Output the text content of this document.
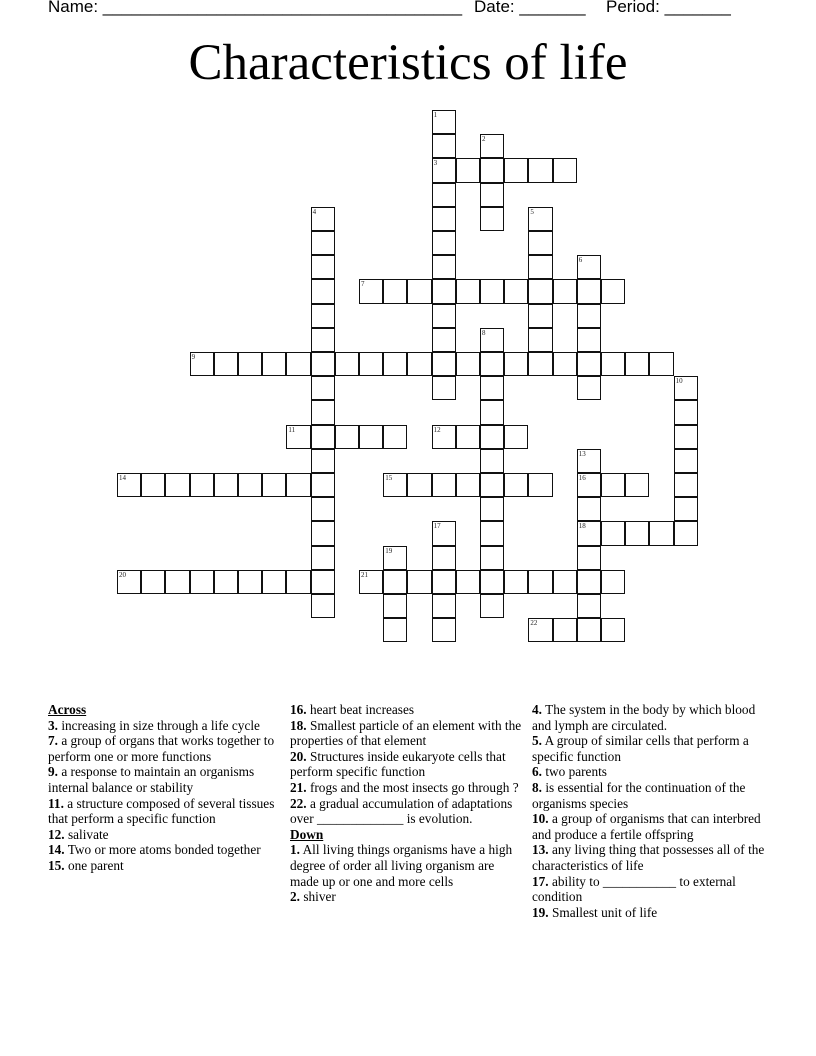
Name: ______________________________________ Date: _______ Period: _______
Characteristics of life
1
3
2
4	5
6
7
8
9
10
11	12
13
16
18
14	15
17
19
20	21
22
Across
3. increasing in size through a life cycle
7. a group of organs that works together to perform one or more functions
9. a response to maintain an organisms internal balance or stability
11. a structure composed of several tissues that perform a specific function
12. salivate
14. Two or more atoms bonded together
15. one parent
16. heart beat increases
18. Smallest particle of an element with the properties of that element
20. Structures inside eukaryote cells that perform specific function
21. frogs and the most insects go through ?
22. a gradual accumulation of adaptations over _____________ is evolution.
Down
1. All living things organisms have a high degree of order all living organism are made up or one and more cells
2. shiver
4. The system in the body by which blood and lymph are circulated.
5. A group of similar cells that perform a specific function
6. two parents
8. is essential for the continuation of the organisms species
10. a group of organisms that can interbred and produce a fertile offspring
13. any living thing that possesses all of the characteristics of life
17. ability to ___________ to external condition
19. Smallest unit of life
